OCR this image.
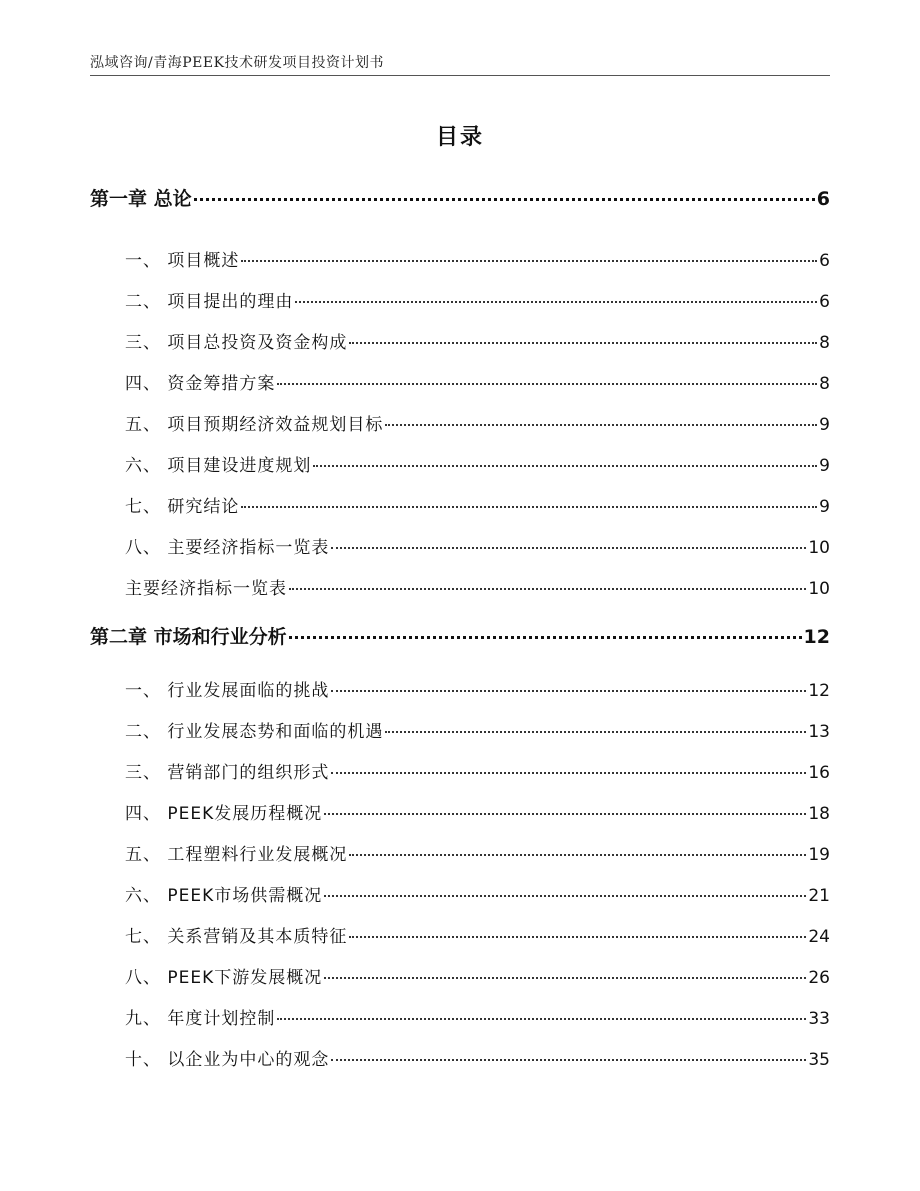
泓域咨询/青海PEEK技术研发项目投资计划书
目录
第一章 总论	6
一、 项目概述	6
二、 项目提出的理由	6
三、 项目总投资及资金构成	8
四、 资金筹措方案	8
五、 项目预期经济效益规划目标	9
六、 项目建设进度规划	9
七、 研究结论	9
八、 主要经济指标一览表	10
主要经济指标一览表	10
第二章 市场和行业分析	12
一、 行业发展面临的挑战	12
二、 行业发展态势和面临的机遇	13
三、 营销部门的组织形式	16
四、 PEEK发展历程概况	18
五、 工程塑料行业发展概况	19
六、 PEEK市场供需概况	21
七、 关系营销及其本质特征	24
八、 PEEK下游发展概况	26
九、 年度计划控制	33
十、 以企业为中心的观念	35
